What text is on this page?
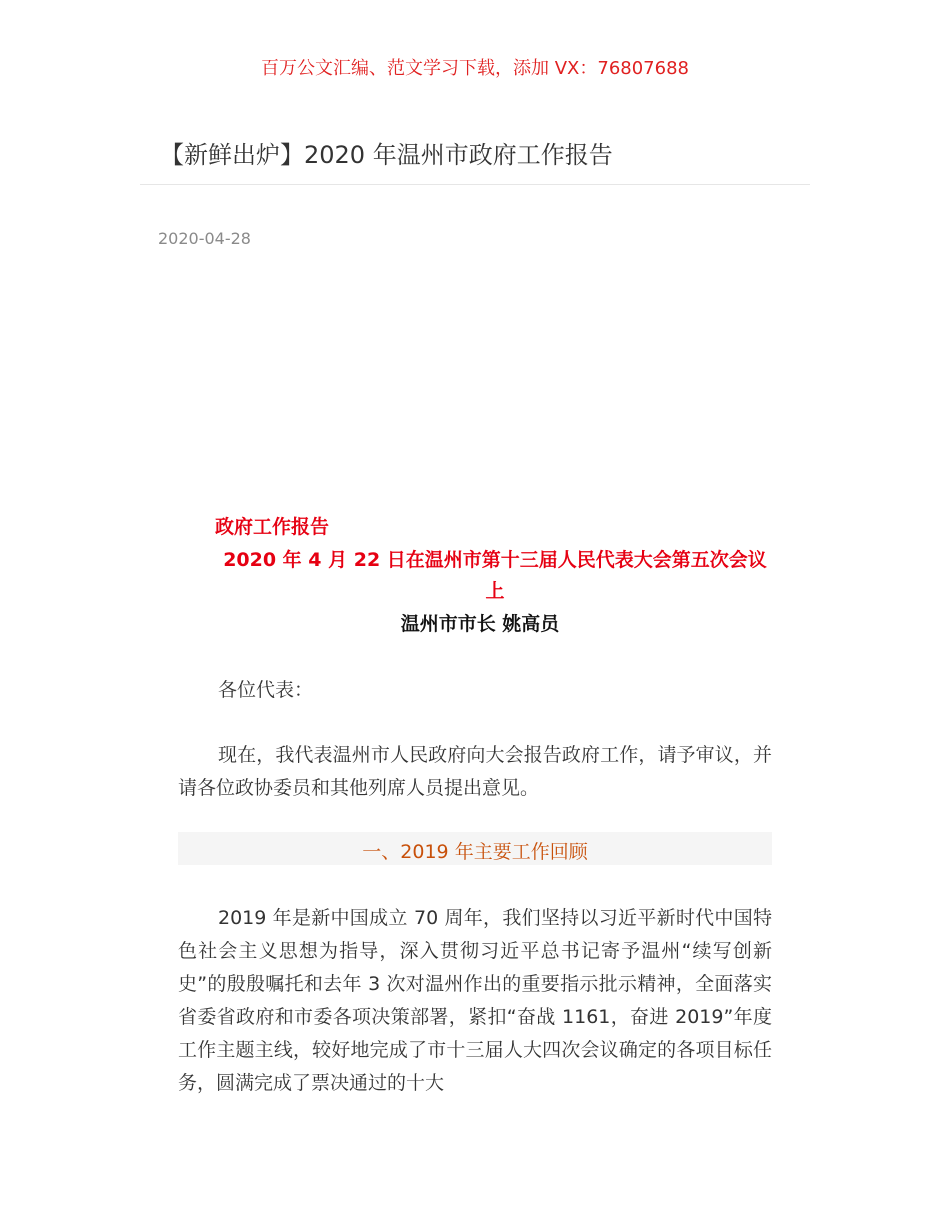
百万公文汇编、范文学习下载，添加 VX：76807688
【新鲜出炉】2020 年温州市政府工作报告
2020-04-28
政府工作报告
2020 年 4 月 22 日在温州市第十三届人民代表大会第五次会议上
温州市市长 姚高员

各位代表：

现在，我代表温州市人民政府向大会报告政府工作，请予审议，并请各位政协委员和其他列席人员提出意见。

一、2019 年主要工作回顾

2019 年是新中国成立 70 周年，我们坚持以习近平新时代中国特色社会主义思想为指导，深入贯彻习近平总书记寄予温州“续写创新史”的殷殷嘱托和去年 3 次对温州作出的重要指示批示精神，全面落实省委省政府和市委各项决策部署，紧扣“奋战 1161，奋进 2019”年度工作主题主线，较好地完成了市十三届人大四次会议确定的各项目标任务，圆满完成了票决通过的十大
